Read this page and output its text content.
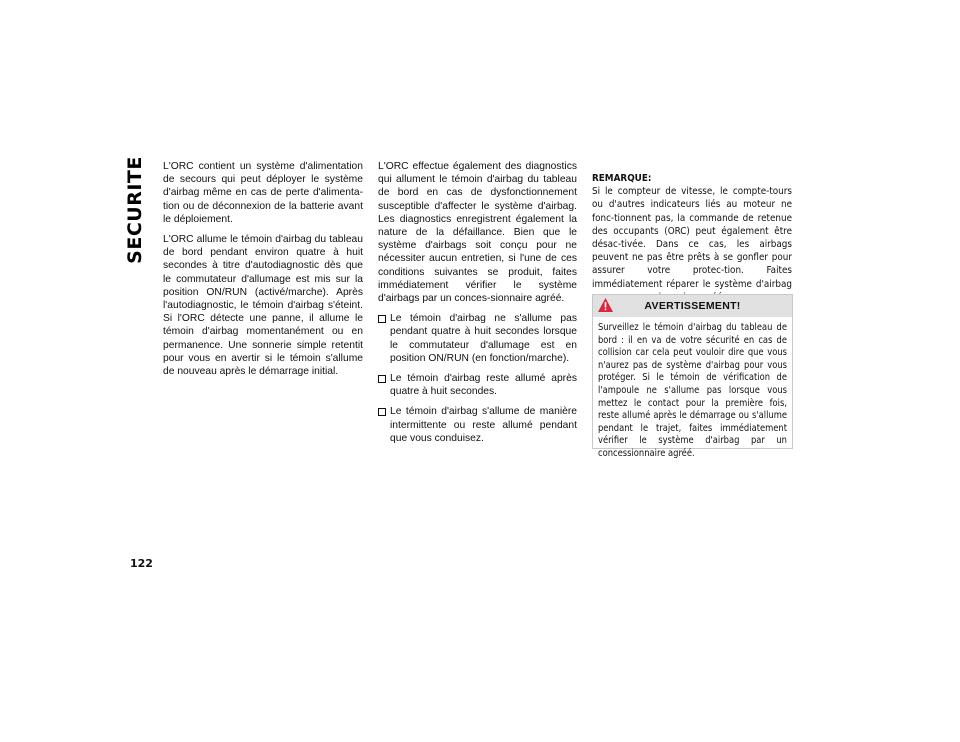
SECURITE L'ORC contient un système d'alimentation de secours qui peut déployer le système d'airbag même en cas de perte d'alimenta-tion ou de déconnexion de la batterie avant le déploiement.

L'ORC allume le témoin d'airbag du tableau de bord pendant environ quatre à huit secondes à titre d'autodiagnostic dès que le commutateur d'allumage est mis sur la position ON/RUN (activé/marche). Après l'autodiagnostic, le témoin d'airbag s'éteint. Si l'ORC détecte une panne, il allume le témoin d'airbag momentanément ou en permanence. Une sonnerie simple retentit pour vous en avertir si le témoin s'allume de nouveau après le démarrage initial.

L'ORC effectue également des diagnostics qui allument le témoin d'airbag du tableau de bord en cas de dysfonctionnement susceptible d'affecter le système d'airbag. Les diagnostics enregistrent également la nature de la défaillance. Bien que le système d'airbags soit conçu pour ne nécessiter aucun entretien, si l'une de ces conditions suivantes se produit, faites immédiatement vérifier le système d'airbags par un conces-sionnaire agréé.

Le témoin d'airbag ne s'allume pas pendant quatre à huit secondes lorsque le commutateur d'allumage est en position ON/RUN (en fonction/marche).
Le témoin d'airbag reste allumé après quatre à huit secondes.
Le témoin d'airbag s'allume de manière intermittente ou reste allumé pendant que vous conduisez.
REMARQUE:

Si le compteur de vitesse, le compte-tours ou d'autres indicateurs liés au moteur ne fonc-tionnent pas, la commande de retenue des occupants (ORC) peut également être désac-tivée. Dans ce cas, les airbags peuvent ne pas être prêts à se gonfler pour assurer votre protec-tion. Faites immédiatement réparer le système d'airbag

AVERTISSEMENT!
Surveillez le témoin d'airbag du tableau de bord : il en va de votre sécurité en cas de collision car cela peut vouloir dire que vous n'aurez pas de système d'airbag pour vous protéger. Si le témoin de vérification de l'ampoule ne s'allume pas lorsque vous mettez le contact pour la première fois, reste allumé après le démarrage ou s'allume pendant le trajet, faites immédiatement vérifier le système d'airbag par un concessionnaire agréé.
122
